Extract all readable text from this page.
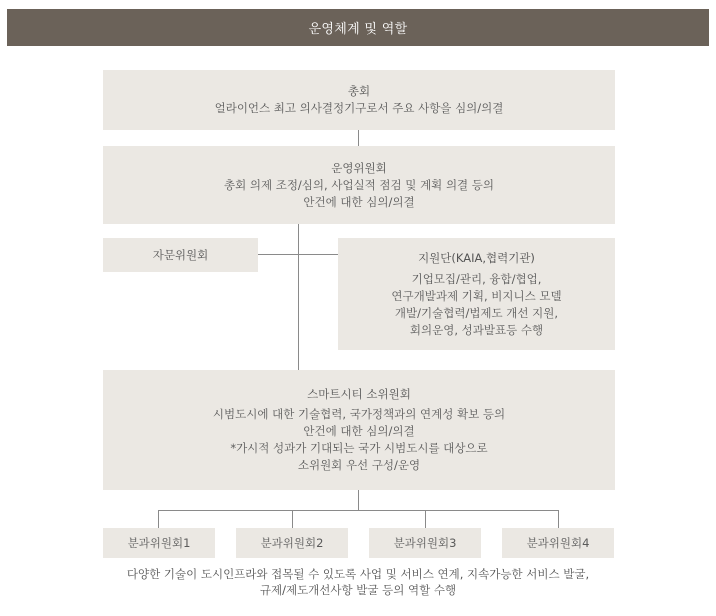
운영체계 및 역할
총회
얼라이언스 최고 의사결정기구로서 주요 사항을 심의/의결
운영위원회
총회 의제 조정/심의, 사업실적 점검 및 계획 의결 등의
안건에 대한 심의/의결
자문위원회	지원단(KAIA,협력기관)
기업모집/관리, 융합/협업,
연구개발과제 기획, 비지니스 모델
개발/기술협력/법제도 개선 지원,
회의운영, 성과발표등 수행
스마트시티 소위원회
시범도시에 대한 기술협력, 국가정책과의 연계성 확보 등의
안건에 대한 심의/의결
*가시적 성과가 기대되는 국가 시범도시를 대상으로
소위원회 우선 구성/운영
분과위원회1	분과위원회2	분과위원회3	분과위원회4
다양한 기술이 도시인프라와 접목될 수 있도록 사업 및 서비스 연계, 지속가능한 서비스 발굴,
규제/제도개선사항 발굴 등의 역할 수행
